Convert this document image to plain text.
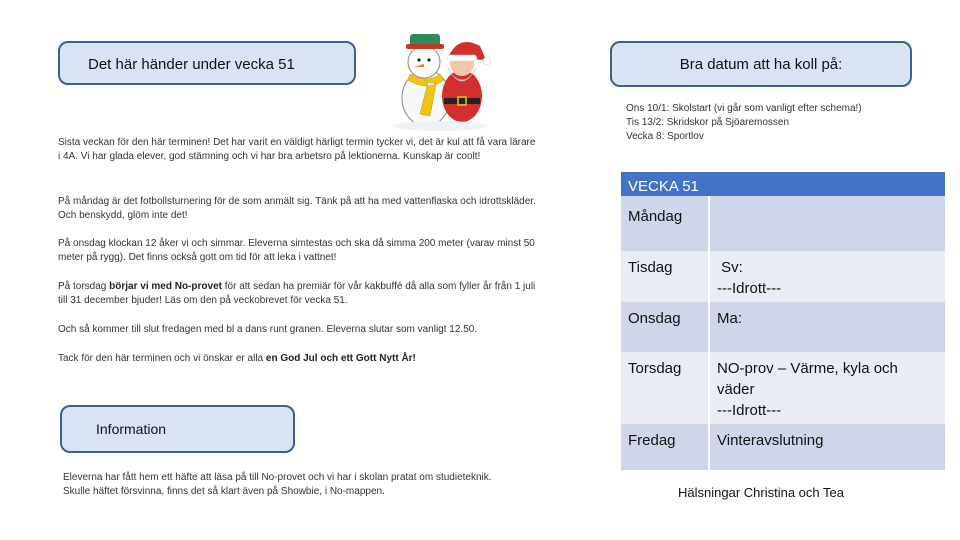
Det här händer under vecka 51	Bra datum att ha koll på:

Sista veckan för den här terminen! Det har varit en väldigt härligt termin tycker vi, det är kul att få vara lärare i 4A. Vi har glada elever, god stämning och vi har bra arbetsro på lektionerna. Kunskap är coolt!

På måndag är det fotbollsturnering för de som anmält sig. Tänk på att ha med vattenflaska och idrottskläder. Och benskydd, glöm inte det!

På onsdag klockan 12 åker vi och simmar. Eleverna simtestas och ska då simma 200 meter (varav minst 50 meter på rygg). Det finns också gott om tid för att leka i vattnet!

På torsdag börjar vi med No-provet för att sedan ha premiär för vår kakbuffé då alla som fyller år från 1 juli till 31 december bjuder! Läs om den på veckobrevet för vecka 51.

Och så kommer till slut fredagen med bl a dans runt granen. Eleverna slutar som vanligt 12.50.

Tack för den här terminen och vi önskar er alla en God Jul och ett Gott Nytt År!

Information

Eleverna har fått hem ett häfte att läsa på till No-provet och vi har i skolan pratat om studieteknik. Skulle häftet försvinna, finns det så klart även på Showbie, i No-mappen.

Ons 10/1: Skolstart (vi går som vanligt efter schema!)
Tis 13/2: Skridskor på Sjöaremossen
Vecka 8: Sportlov
VECKA 51	
Måndag	
Tisdag	Sv:
---Idrott---

Onsdag	Ma:

Torsdag	NO-prov – Värme, kyla och
väder
---Idrott---

Fredag	Vinteravslutning
Hälsningar Christina och Tea
